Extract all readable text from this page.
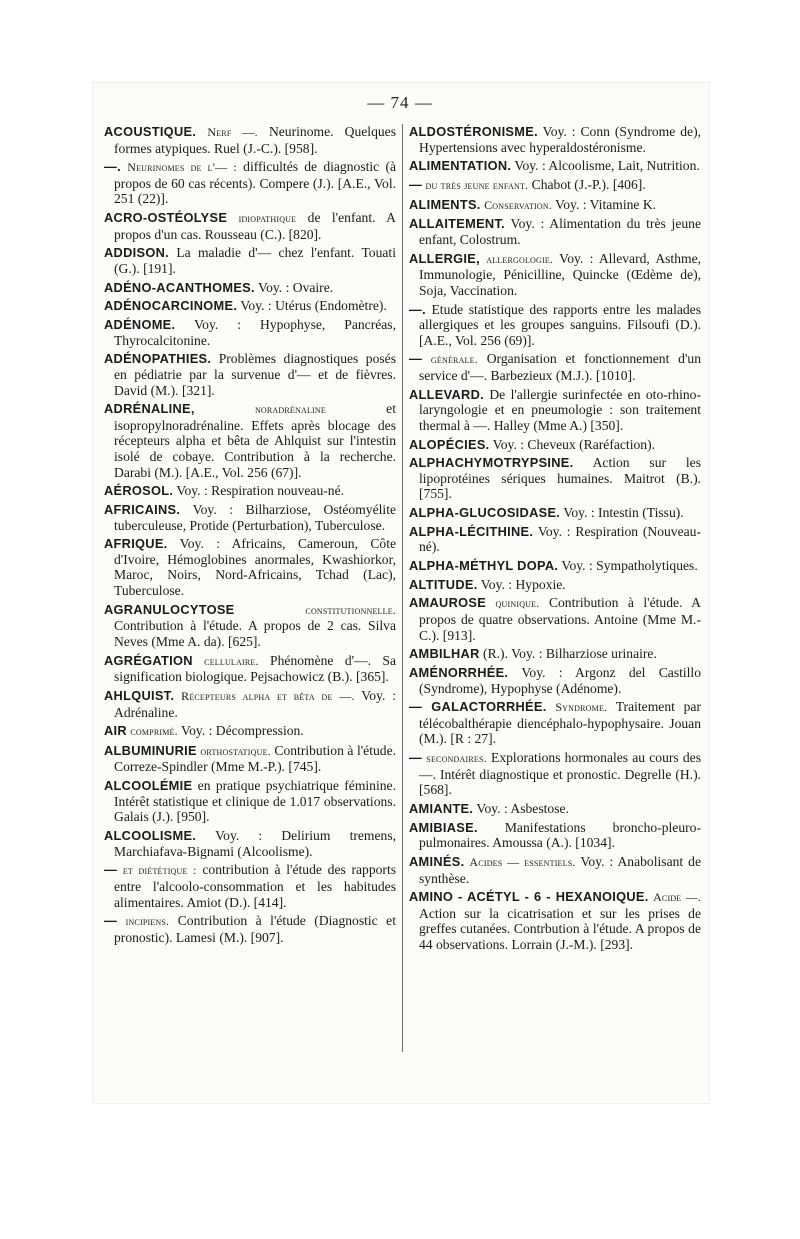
— 74 —
ACOUSTIQUE. Nerf —. Neurinome. Quelques formes atypiques. Ruel (J.-C.). [958].
—. Neurinomes de l'— : difficultés de diagnostic (à propos de 60 cas récents). Compere (J.). [A.E., Vol. 251 (22)].
ACRO-OSTÉOLYSE idiopathique de l'enfant. A propos d'un cas. Rousseau (C.). [820].
ADDISON. La maladie d'— chez l'enfant. Touati (G.). [191].
ADÉNO-ACANTHOMES. Voy. : Ovaire.
ADÉNOCARCINOME. Voy. : Utérus (Endomètre).
ADÉNOME. Voy. : Hypophyse, Pancréas, Thyrocalcitonine.
ADÉNOPATHIES. Problèmes diagnostiques posés en pédiatrie par la survenue d'— et de fièvres. David (M.). [321].
ADRÉNALINE,	noradrénaline	et isopropylnoradrénaline. Effets après blocage des récepteurs alpha et bêta de Ahlquist sur l'intestin isolé de cobaye. Contribution à la recherche. Darabi (M.). [A.E., Vol. 256 (67)].
AÉROSOL. Voy. : Respiration nouveau-né.
AFRICAINS. Voy. : Bilharziose, Ostéomyélite tuberculeuse, Protide (Perturbation), Tuberculose.
AFRIQUE. Voy. : Africains, Cameroun, Côte d'Ivoire, Hémoglobines anormales, Kwashiorkor, Maroc, Noirs, Nord-Africains, Tchad (Lac), Tuberculose.
AGRANULOCYTOSE	constitutionnelle. Contribution à l'étude. A propos de 2 cas. Silva Neves (Mme A. da). [625].
AGRÉGATION cellulaire. Phénomène d'—. Sa signification biologique. Pejsachowicz (B.). [365].
AHLQUIST. Récepteurs alpha et bêta de —. Voy. : Adrénaline.
AIR comprimé. Voy. : Décompression.
ALBUMINURIE orthostatique. Contribution à l'étude. Correze-Spindler (Mme M.-P.). [745].
ALCOOLÉMIE en pratique psychiatrique féminine. Intérêt statistique et clinique de 1.017 observations. Galais (J.). [950].
ALCOOLISME. Voy. : Delirium tremens, Marchiafava-Bignami (Alcoolisme).
— et diététique : contribution à l'étude des rapports entre l'alcoolo-consommation et les habitudes alimentaires. Amiot (D.). [414].
— incipiens. Contribution à l'étude (Diagnostic et pronostic). Lamesi (M.). [907].
ALDOSTÉRONISME. Voy. : Conn (Syndrome de), Hypertensions avec hyperaldostéronisme.
ALIMENTATION. Voy. : Alcoolisme, Lait, Nutrition.
— du très jeune enfant. Chabot (J.-P.). [406].
ALIMENTS. Conservation. Voy. : Vitamine K.
ALLAITEMENT. Voy. : Alimentation du très jeune enfant, Colostrum.
ALLERGIE, allergologie. Voy. : Allevard, Asthme, Immunologie, Pénicilline, Quincke (Œdème de), Soja, Vaccination.
—. Etude statistique des rapports entre les malades allergiques et les groupes sanguins. Filsoufi (D.). [A.E., Vol. 256 (69)].
— générale. Organisation et fonctionnement d'un service d'—. Barbezieux (M.J.). [1010].
ALLEVARD. De l'allergie surinfectée en oto-rhino-laryngologie et en pneumologie : son traitement thermal à —. Halley (Mme A.) [350].
ALOPÉCIES. Voy. : Cheveux (Raréfaction).
ALPHACHYMOTRYPSINE. Action sur les lipoprotéines sériques humaines. Maitrot (B.). [755].
ALPHA-GLUCOSIDASE. Voy. : Intestin (Tissu).
ALPHA-LÉCITHINE. Voy. : Respiration (Nouveau-né).
ALPHA-MÉTHYL DOPA. Voy. : Sympatholytiques.
ALTITUDE. Voy. : Hypoxie.
AMAUROSE quinique. Contribution à l'étude. A propos de quatre observations. Antoine (Mme M.-C.). [913].
AMBILHAR (R.). Voy. : Bilharziose urinaire.
AMÉNORRHÉE. Voy. : Argonz del Castillo (Syndrome), Hypophyse (Adénome).
— GALACTORRHÉE. Syndrome. Traitement par télécobalthérapie diencéphalo-hypophysaire. Jouan (M.). [R : 27].
— secondaires. Explorations hormonales au cours des —. Intérêt diagnostique et pronostic. Degrelle (H.). [568].
AMIANTE. Voy. : Asbestose.
AMIBIASE. Manifestations broncho-pleuro-pulmonaires. Amoussa (A.). [1034].
AMINÉS. Acides — essentiels. Voy. : Anabolisant de synthèse.
AMINO - ACÉTYL - 6 - HEXANOIQUE. Acide —. Action sur la cicatrisation et sur les prises de greffes cutanées. Contrbution à l'étude. A propos de 44 observations. Lorrain (J.-M.). [293].
